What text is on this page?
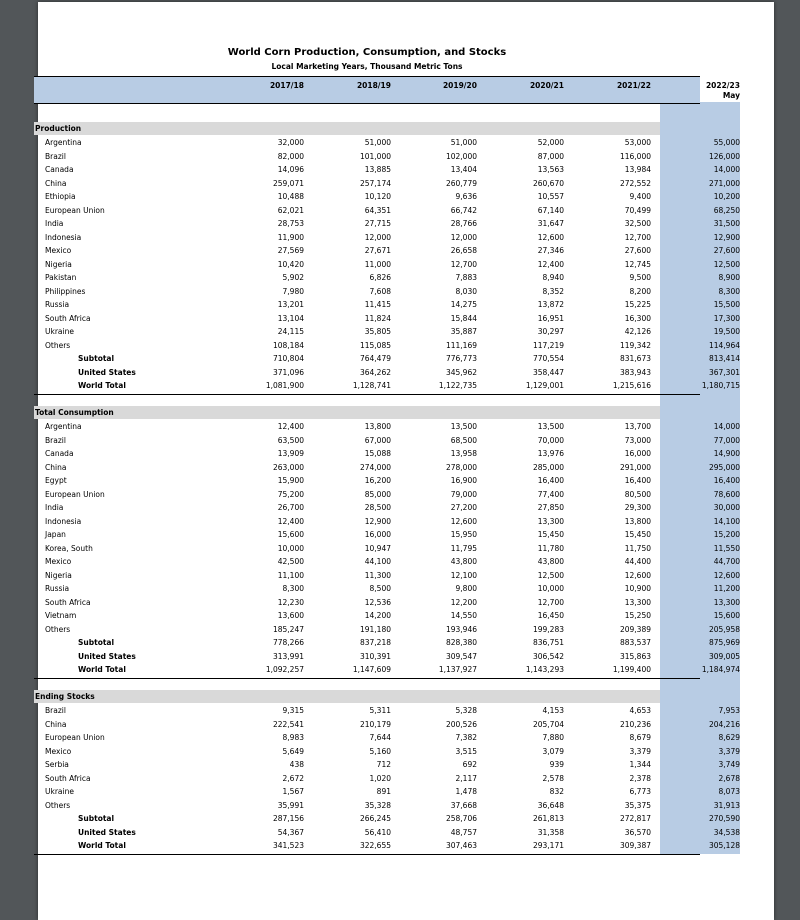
World Corn Production, Consumption, and Stocks
Local Marketing Years, Thousand Metric Tons
2017/18	2018/19	2019/20	2020/21	2021/22	2022/23
May
Production
Argentina	32,000	51,000	51,000	52,000	53,000	55,000
Brazil	82,000	101,000	102,000	87,000	116,000	126,000
Canada	14,096	13,885	13,404	13,563	13,984	14,000
China	259,071	257,174	260,779	260,670	272,552	271,000
Ethiopia	10,488	10,120	9,636	10,557	9,400	10,200
European Union	62,021	64,351	66,742	67,140	70,499	68,250
India	28,753	27,715	28,766	31,647	32,500	31,500
Indonesia	11,900	12,000	12,000	12,600	12,700	12,900
Mexico	27,569	27,671	26,658	27,346	27,600	27,600
Nigeria	10,420	11,000	12,700	12,400	12,745	12,500
Pakistan	5,902	6,826	7,883	8,940	9,500	8,900
Philippines	7,980	7,608	8,030	8,352	8,200	8,300
Russia	13,201	11,415	14,275	13,872	15,225	15,500
South Africa	13,104	11,824	15,844	16,951	16,300	17,300
Ukraine	24,115	35,805	35,887	30,297	42,126	19,500
Others	108,184	115,085	111,169	117,219	119,342	114,964
Subtotal	710,804	764,479	776,773	770,554	831,673	813,414
United States	371,096	364,262	345,962	358,447	383,943	367,301
World Total	1,081,900	1,128,741	1,122,735	1,129,001	1,215,616	1,180,715
Total Consumption
Argentina	12,400	13,800	13,500	13,500	13,700	14,000
Brazil	63,500	67,000	68,500	70,000	73,000	77,000
Canada	13,909	15,088	13,958	13,976	16,000	14,900
China	263,000	274,000	278,000	285,000	291,000	295,000
Egypt	15,900	16,200	16,900	16,400	16,400	16,400
European Union	75,200	85,000	79,000	77,400	80,500	78,600
India	26,700	28,500	27,200	27,850	29,300	30,000
Indonesia	12,400	12,900	12,600	13,300	13,800	14,100
Japan	15,600	16,000	15,950	15,450	15,450	15,200
Korea, South	10,000	10,947	11,795	11,780	11,750	11,550
Mexico	42,500	44,100	43,800	43,800	44,400	44,700
Nigeria	11,100	11,300	12,100	12,500	12,600	12,600
Russia	8,300	8,500	9,800	10,000	10,900	11,200
South Africa	12,230	12,536	12,200	12,700	13,300	13,300
Vietnam	13,600	14,200	14,550	16,450	15,250	15,600
Others	185,247	191,180	193,946	199,283	209,389	205,958
Subtotal	778,266	837,218	828,380	836,751	883,537	875,969
United States	313,991	310,391	309,547	306,542	315,863	309,005
World Total	1,092,257	1,147,609	1,137,927	1,143,293	1,199,400	1,184,974
Ending Stocks
Brazil	9,315	5,311	5,328	4,153	4,653	7,953
China	222,541	210,179	200,526	205,704	210,236	204,216
European Union	8,983	7,644	7,382	7,880	8,679	8,629
Mexico	5,649	5,160	3,515	3,079	3,379	3,379
Serbia	438	712	692	939	1,344	3,749
South Africa	2,672	1,020	2,117	2,578	2,378	2,678
Ukraine	1,567	891	1,478	832	6,773	8,073
Others	35,991	35,328	37,668	36,648	35,375	31,913
Subtotal	287,156	266,245	258,706	261,813	272,817	270,590
United States	54,367	56,410	48,757	31,358	36,570	34,538
World Total	341,523	322,655	307,463	293,171	309,387	305,128
